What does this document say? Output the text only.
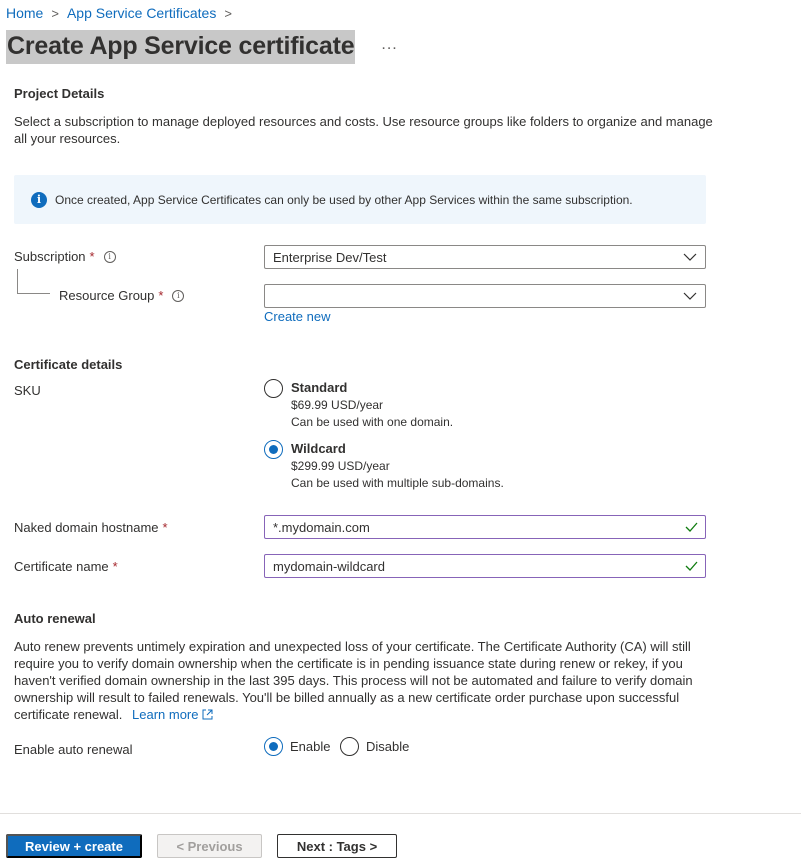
Home > App Service Certificates >
Create App Service certificate ...
Project Details
Select a subscription to manage deployed resources and costs. Use resource groups like folders to organize and manage all your resources.
i	Once created, App Service Certificates can only be used by other App Services within the same subscription.
Subscription *	i	Enterprise Dev/Test
Resource Group *	i
Create new
Certificate details
SKU	Standard
$69.99 USD/year
Can be used with one domain.
Wildcard
$299.99 USD/year
Can be used with multiple sub-domains.
Naked domain hostname *	*.mydomain.com
Certificate name *	mydomain-wildcard
Auto renewal
Auto renew prevents untimely expiration and unexpected loss of your certificate. The Certificate Authority (CA) will still require you to verify domain ownership when the certificate is in pending issuance state during renew or rekey, if you haven't verified domain ownership in the last 395 days. This process will not be automated and failure to verify domain ownership will result to failed renewals. You'll be billed annually as a new certificate order purchase upon successful certificate renewal. Learn more
Enable auto renewal	Enable	Disable
Review + create	< Previous	Next : Tags >
